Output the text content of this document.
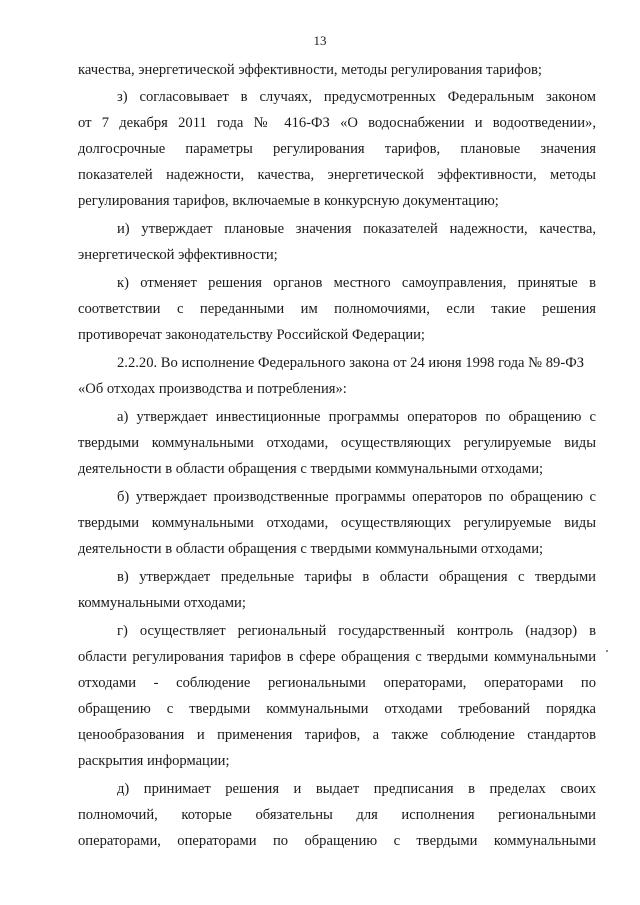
13
качества, энергетической эффективности, методы регулирования тарифов;
з) согласовывает в случаях, предусмотренных Федеральным законом
от 7 декабря 2011 года № 416-ФЗ «О водоснабжении и водоотведении»,
долгосрочные параметры регулирования тарифов, плановые значения
показателей надежности, качества, энергетической эффективности, методы
регулирования тарифов, включаемые в конкурсную документацию;
и) утверждает плановые значения показателей надежности, качества,
энергетической эффективности;
к) отменяет решения органов местного самоуправления, принятые в
соответствии с переданными им полномочиями, если такие решения
противоречат законодательству Российской Федерации;
2.2.20. Во исполнение Федерального закона от 24 июня 1998 года № 89-ФЗ
«Об отходах производства и потребления»:
а) утверждает инвестиционные программы операторов по обращению с
твердыми коммунальными отходами, осуществляющих регулируемые виды
деятельности в области обращения с твердыми коммунальными отходами;
б) утверждает производственные программы операторов по обращению с
твердыми коммунальными отходами, осуществляющих регулируемые виды
деятельности в области обращения с твердыми коммунальными отходами;
в) утверждает предельные тарифы в области обращения с твердыми
коммунальными отходами;
г) осуществляет региональный государственный контроль (надзор) в
области регулирования тарифов в сфере обращения с твердыми коммунальными
отходами - соблюдение региональными операторами, операторами по
обращению с твердыми коммунальными отходами требований порядка
ценообразования и применения тарифов, а также соблюдение стандартов
раскрытия информации;
д) принимает решения и выдает предписания в пределах своих
полномочий, которые обязательны для исполнения региональными
операторами, операторами по обращению с твердыми коммунальными
